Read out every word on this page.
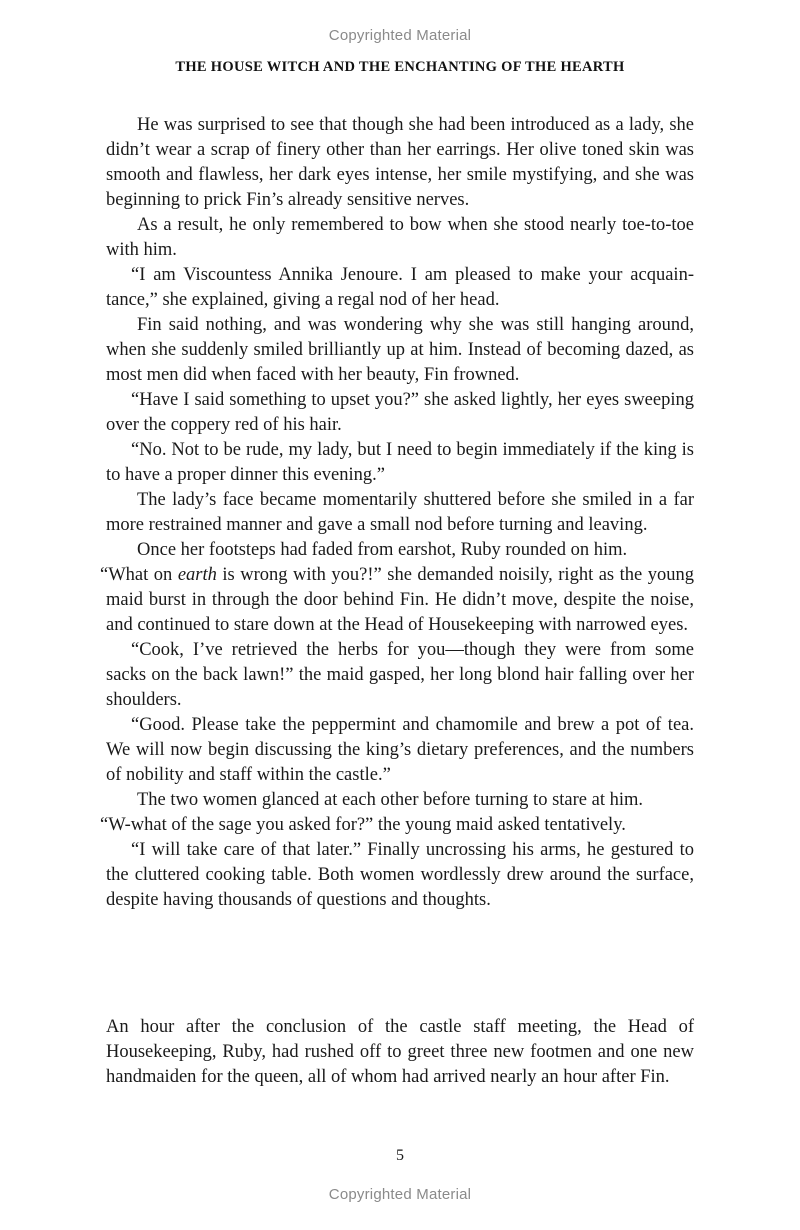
Copyrighted Material
THE HOUSE WITCH AND THE ENCHANTING OF THE HEARTH

He was surprised to see that though she had been introduced as a lady, she didn’t wear a scrap of finery other than her earrings. Her olive toned skin was smooth and flawless, her dark eyes intense, her smile mystifying, and she was beginning to prick Fin’s already sensitive nerves.

As a result, he only remembered to bow when she stood nearly toe-to-toe with him.

“I am Viscountess Annika Jenoure. I am pleased to make your acquaintance,” she explained, giving a regal nod of her head.

Fin said nothing, and was wondering why she was still hanging around, when she suddenly smiled brilliantly up at him. Instead of becoming dazed, as most men did when faced with her beauty, Fin frowned.

“Have I said something to upset you?” she asked lightly, her eyes sweeping over the coppery red of his hair.

“No. Not to be rude, my lady, but I need to begin immediately if the king is to have a proper dinner this evening.”

The lady’s face became momentarily shuttered before she smiled in a far more restrained manner and gave a small nod before turning and leaving.

Once her footsteps had faded from earshot, Ruby rounded on him.

“What on earth is wrong with you?!” she demanded noisily, right as the young maid burst in through the door behind Fin. He didn’t move, despite the noise, and continued to stare down at the Head of Housekeeping with narrowed eyes.

“Cook, I’ve retrieved the herbs for you—though they were from some sacks on the back lawn!” the maid gasped, her long blond hair falling over her shoulders.

“Good. Please take the peppermint and chamomile and brew a pot of tea. We will now begin discussing the king’s dietary preferences, and the numbers of nobility and staff within the castle.”

The two women glanced at each other before turning to stare at him.

“W-what of the sage you asked for?” the young maid asked tentatively.

“I will take care of that later.” Finally uncrossing his arms, he gestured to the cluttered cooking table. Both women wordlessly drew around the surface, despite having thousands of questions and thoughts.

An hour after the conclusion of the castle staff meeting, the Head of Housekeeping, Ruby, had rushed off to greet three new footmen and one new handmaiden for the queen, all of whom had arrived nearly an hour after Fin.

5
Copyrighted Material
